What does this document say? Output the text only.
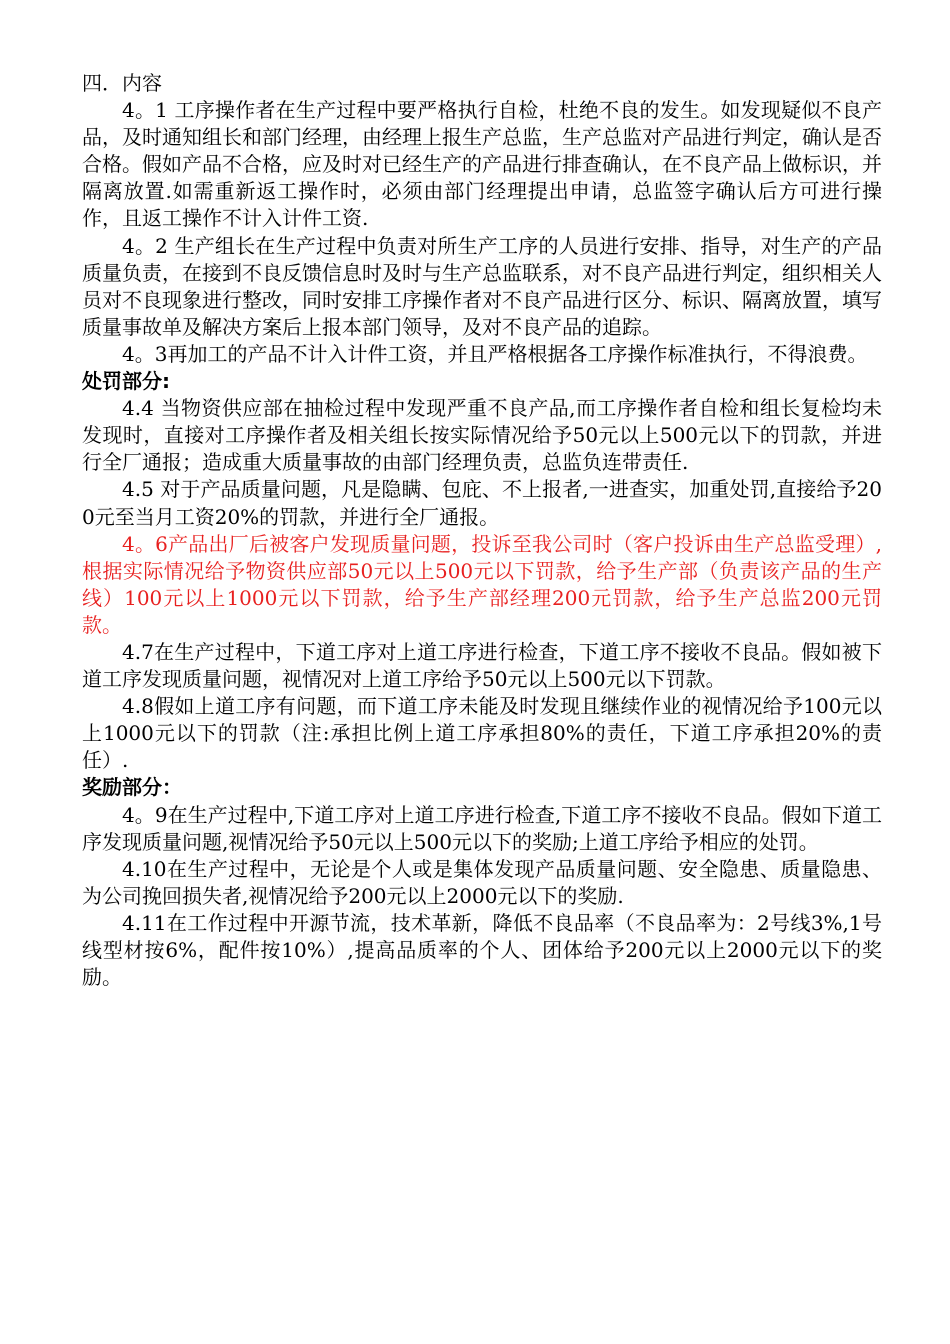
四．内容

4。1 工序操作者在生产过程中要严格执行自检，杜绝不良的发生。如发现疑似不良产品，及时通知组长和部门经理，由经理上报生产总监，生产总监对产品进行判定，确认是否合格。假如产品不合格，应及时对已经生产的产品进行排查确认，在不良产品上做标识，并隔离放置.如需重新返工操作时，必须由部门经理提出申请，总监签字确认后方可进行操作，且返工操作不计入计件工资.

4。2 生产组长在生产过程中负责对所生产工序的人员进行安排、指导，对生产的产品质量负责，在接到不良反馈信息时及时与生产总监联系，对不良产品进行判定，组织相关人员对不良现象进行整改，同时安排工序操作者对不良产品进行区分、标识、隔离放置，填写质量事故单及解决方案后上报本部门领导，及对不良产品的追踪。

4。3再加工的产品不计入计件工资，并且严格根据各工序操作标准执行，不得浪费。

处罚部分:

4.4 当物资供应部在抽检过程中发现严重不良产品,而工序操作者自检和组长复检均未发现时，直接对工序操作者及相关组长按实际情况给予50元以上500元以下的罚款，并进行全厂通报；造成重大质量事故的由部门经理负责，总监负连带责任.

4.5 对于产品质量问题，凡是隐瞒、包庇、不上报者,一进查实，加重处罚,直接给予200元至当月工资20%的罚款，并进行全厂通报。

4。6产品出厂后被客户发现质量问题，投诉至我公司时（客户投诉由生产总监受理）,根据实际情况给予物资供应部50元以上500元以下罚款，给予生产部（负责该产品的生产线）100元以上1000元以下罚款，给予生产部经理200元罚款，给予生产总监200元罚款。

4.7在生产过程中，下道工序对上道工序进行检查，下道工序不接收不良品。假如被下道工序发现质量问题，视情况对上道工序给予50元以上500元以下罚款。

4.8假如上道工序有问题，而下道工序未能及时发现且继续作业的视情况给予100元以上1000元以下的罚款（注:承担比例上道工序承担80%的责任，下道工序承担20%的责任）.

奖励部分：

4。9在生产过程中,下道工序对上道工序进行检查,下道工序不接收不良品。假如下道工序发现质量问题,视情况给予50元以上500元以下的奖励;上道工序给予相应的处罚。

4.10在生产过程中，无论是个人或是集体发现产品质量问题、安全隐患、质量隐患、为公司挽回损失者,视情况给予200元以上2000元以下的奖励.

4.11在工作过程中开源节流，技术革新，降低不良品率（不良品率为：2号线3%,1号线型材按6%，配件按10%）,提高品质率的个人、团体给予200元以上2000元以下的奖励。
